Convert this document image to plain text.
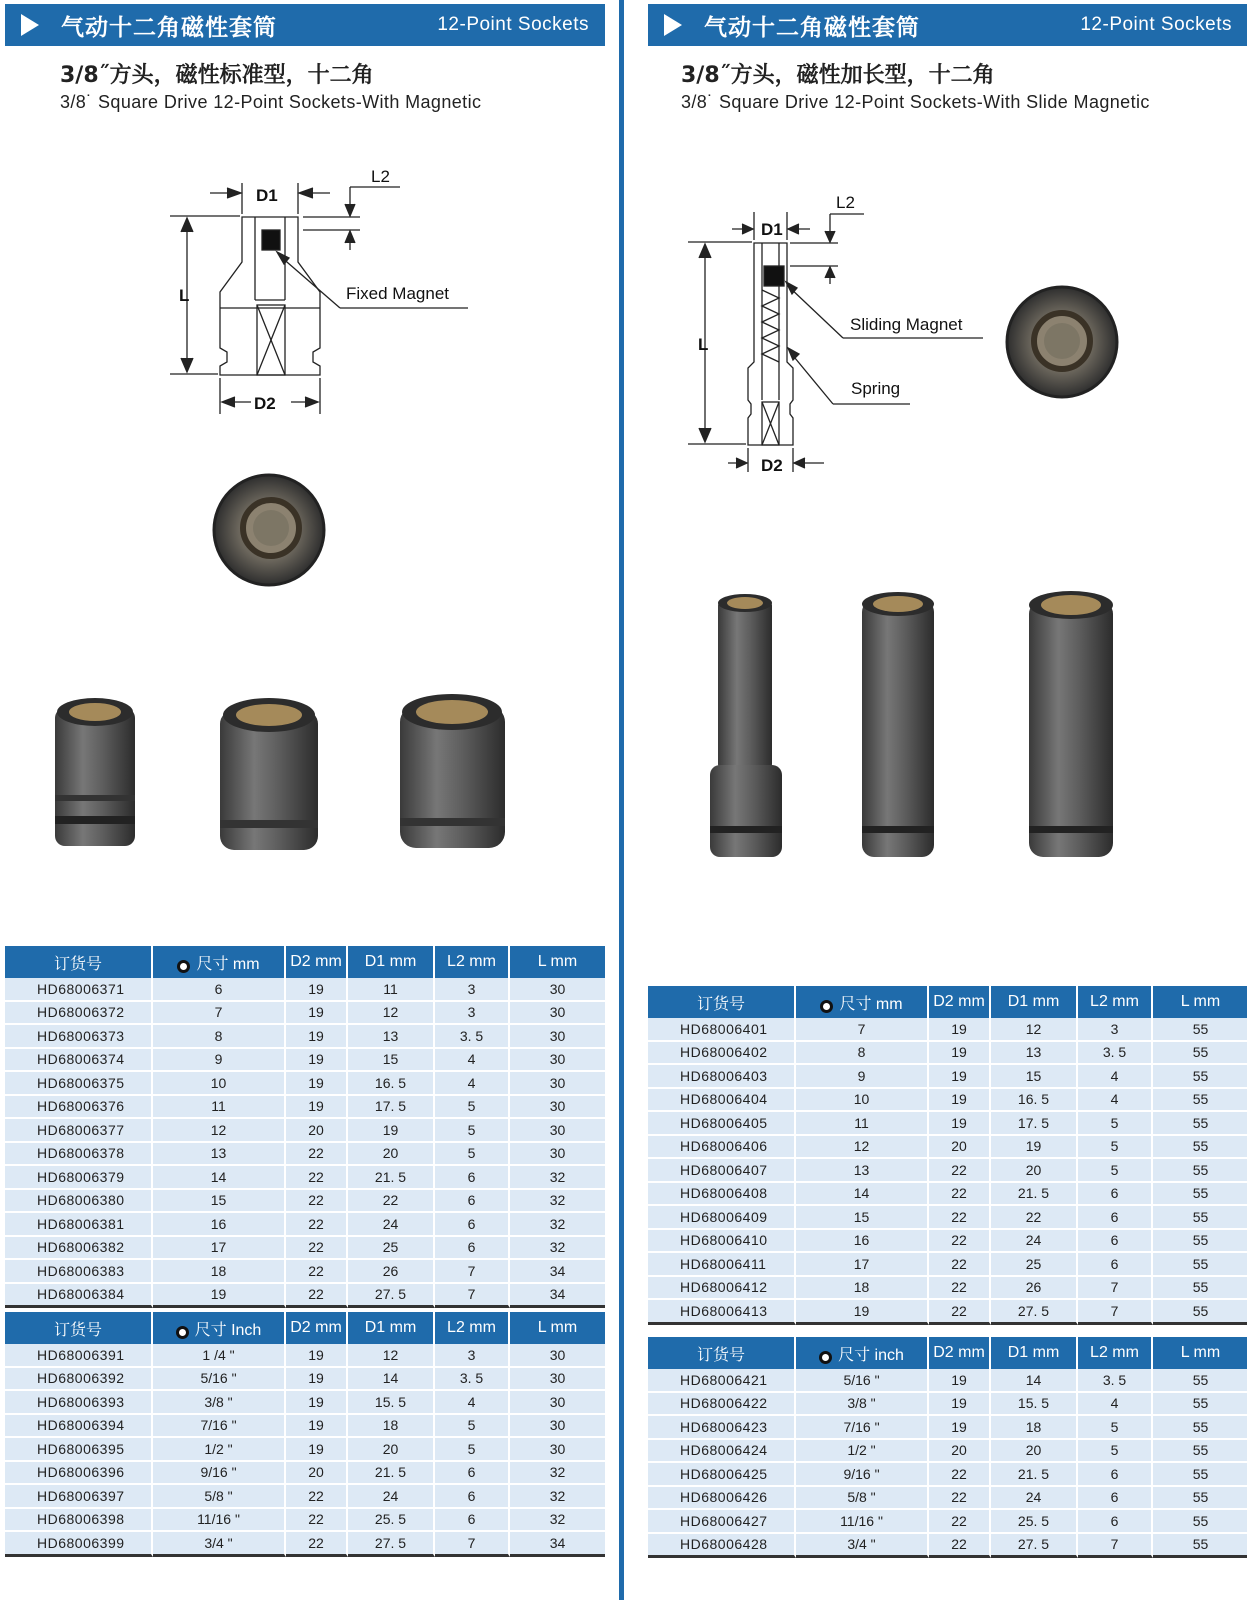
气动十二角磁性套筒	12-Point Sockets
3/8˝方头，磁性标准型，十二角
3/8˙ Square Drive 12-Point Sockets-With Magnetic
D1
L2
L
D2
Fixed Magnet
订货号	尺寸 mm	D2 mm	D1 mm	L2 mm	L mm
HD68006371	6	19	11	3	30
HD68006372	7	19	12	3	30
HD68006373	8	19	13	3. 5	30
HD68006374	9	19	15	4	30
HD68006375	10	19	16. 5	4	30
HD68006376	11	19	17. 5	5	30
HD68006377	12	20	19	5	30
HD68006378	13	22	20	5	30
HD68006379	14	22	21. 5	6	32
HD68006380	15	22	22	6	32
HD68006381	16	22	24	6	32
HD68006382	17	22	25	6	32
HD68006383	18	22	26	7	34
HD68006384	19	22	27. 5	7	34
订货号	尺寸 Inch	D2 mm	D1 mm	L2 mm	L mm
HD68006391	1 /4 "	19	12	3	30
HD68006392	5/16 "	19	14	3. 5	30
HD68006393	3/8 "	19	15. 5	4	30
HD68006394	7/16 "	19	18	5	30
HD68006395	1/2 "	19	20	5	30
HD68006396	9/16 "	20	21. 5	6	32
HD68006397	5/8 "	22	24	6	32
HD68006398	11/16 "	22	25. 5	6	32
HD68006399	3/4 "	22	27. 5	7	34
气动十二角磁性套筒	12-Point Sockets
3/8˝方头，磁性加长型，十二角
3/8˙ Square Drive 12-Point Sockets-With Slide Magnetic
D1
L2
L
D2
Sliding Magnet
Spring
订货号	尺寸 mm	D2 mm	D1 mm	L2 mm	L mm
HD68006401	7	19	12	3	55
HD68006402	8	19	13	3. 5	55
HD68006403	9	19	15	4	55
HD68006404	10	19	16. 5	4	55
HD68006405	11	19	17. 5	5	55
HD68006406	12	20	19	5	55
HD68006407	13	22	20	5	55
HD68006408	14	22	21. 5	6	55
HD68006409	15	22	22	6	55
HD68006410	16	22	24	6	55
HD68006411	17	22	25	6	55
HD68006412	18	22	26	7	55
HD68006413	19	22	27. 5	7	55
订货号	尺寸 inch	D2 mm	D1 mm	L2 mm	L mm
HD68006421	5/16 "	19	14	3. 5	55
HD68006422	3/8 "	19	15. 5	4	55
HD68006423	7/16 "	19	18	5	55
HD68006424	1/2 "	20	20	5	55
HD68006425	9/16 "	22	21. 5	6	55
HD68006426	5/8 "	22	24	6	55
HD68006427	11/16 "	22	25. 5	6	55
HD68006428	3/4 "	22	27. 5	7	55
